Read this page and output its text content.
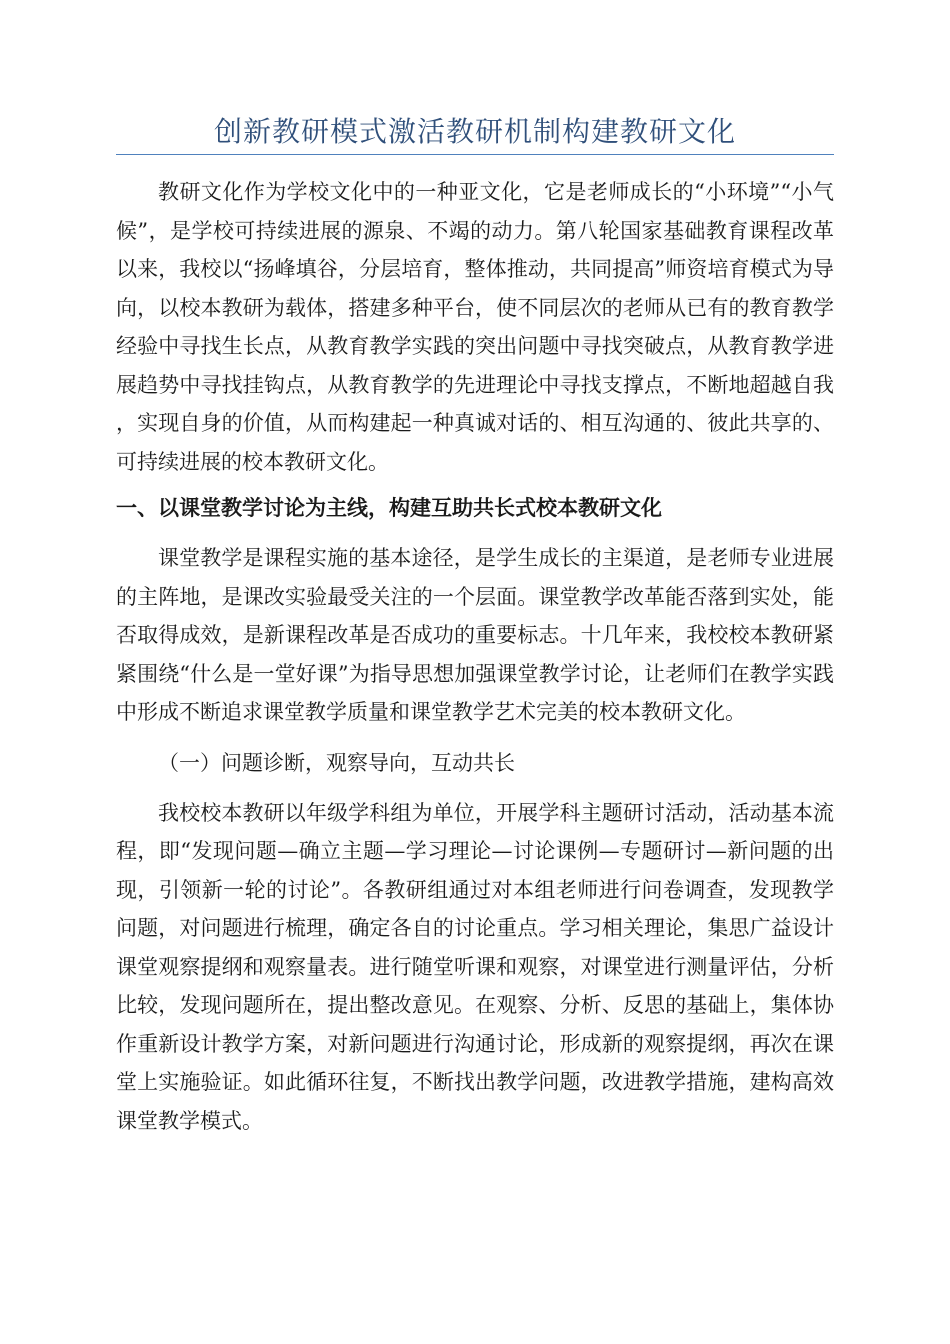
创新教研模式激活教研机制构建教研文化

教研文化作为学校文化中的一种亚文化，它是老师成长的“小环境”“小气候”，是学校可持续进展的源泉、不竭的动力。第八轮国家基础教育课程改革以来，我校以“扬峰填谷，分层培育，整体推动，共同提高”师资培育模式为导向，以校本教研为载体，搭建多种平台，使不同层次的老师从已有的教育教学经验中寻找生长点，从教育教学实践的突出问题中寻找突破点，从教育教学进展趋势中寻找挂钩点，从教育教学的先进理论中寻找支撑点，不断地超越自我，实现自身的价值，从而构建起一种真诚对话的、相互沟通的、彼此共享的、可持续进展的校本教研文化。

一、以课堂教学讨论为主线，构建互助共长式校本教研文化

课堂教学是课程实施的基本途径，是学生成长的主渠道，是老师专业进展的主阵地，是课改实验最受关注的一个层面。课堂教学改革能否落到实处，能否取得成效，是新课程改革是否成功的重要标志。十几年来，我校校本教研紧紧围绕“什么是一堂好课”为指导思想加强课堂教学讨论，让老师们在教学实践中形成不断追求课堂教学质量和课堂教学艺术完美的校本教研文化。

（一）问题诊断，观察导向，互动共长

我校校本教研以年级学科组为单位，开展学科主题研讨活动，活动基本流程，即“发现问题—确立主题—学习理论—讨论课例—专题研讨—新问题的出现，引领新一轮的讨论”。各教研组通过对本组老师进行问卷调查，发现教学问题，对问题进行梳理，确定各自的讨论重点。学习相关理论，集思广益设计课堂观察提纲和观察量表。进行随堂听课和观察，对课堂进行测量评估，分析比较，发现问题所在，提出整改意见。在观察、分析、反思的基础上，集体协作重新设计教学方案，对新问题进行沟通讨论，形成新的观察提纲，再次在课堂上实施验证。如此循环往复，不断找出教学问题，改进教学措施，建构高效课堂教学模式。
